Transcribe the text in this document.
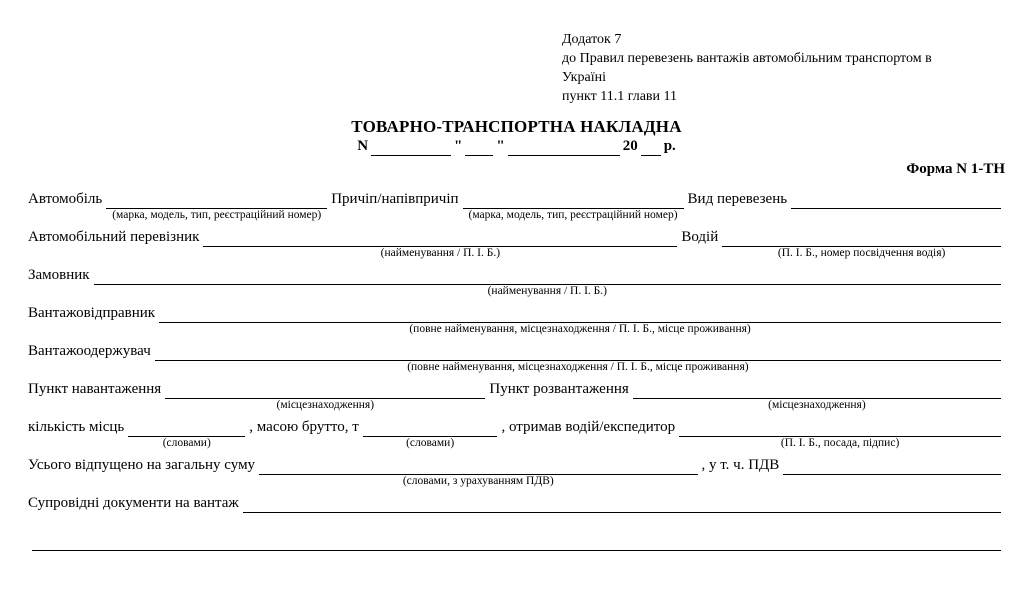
Додаток 7
до Правил перевезень вантажів автомобільним транспортом в
Україні
пункт 11.1 глави 11
ТОВАРНО-ТРАНСПОРТНА НАКЛАДНА
N	" "	20 р.
Форма N 1-ТН
Автомобіль
(марка, модель, тип, реєстраційний номер)
Причіп/напівпричіп
(марка, модель, тип, реєстраційний номер)
Вид перевезень
Автомобільний перевізник
(найменування / П. І. Б.)
Водій
(П. І. Б., номер посвідчення водія)
Замовник
(найменування / П. І. Б.)
Вантажовідправник
(повне найменування, місцезнаходження / П. І. Б., місце проживання)
Вантажоодержувач
(повне найменування, місцезнаходження / П. І. Б., місце проживання)
Пункт навантаження
(місцезнаходження)
Пункт розвантаження
(місцезнаходження)
кількість місць
(словами)
, масою брутто, т
(словами)
, отримав водій/експедитор
(П. І. Б., посада, підпис)
Усього відпущено на загальну суму
(словами, з урахуванням ПДВ)
, у т. ч. ПДВ
Супровідні документи на вантаж
